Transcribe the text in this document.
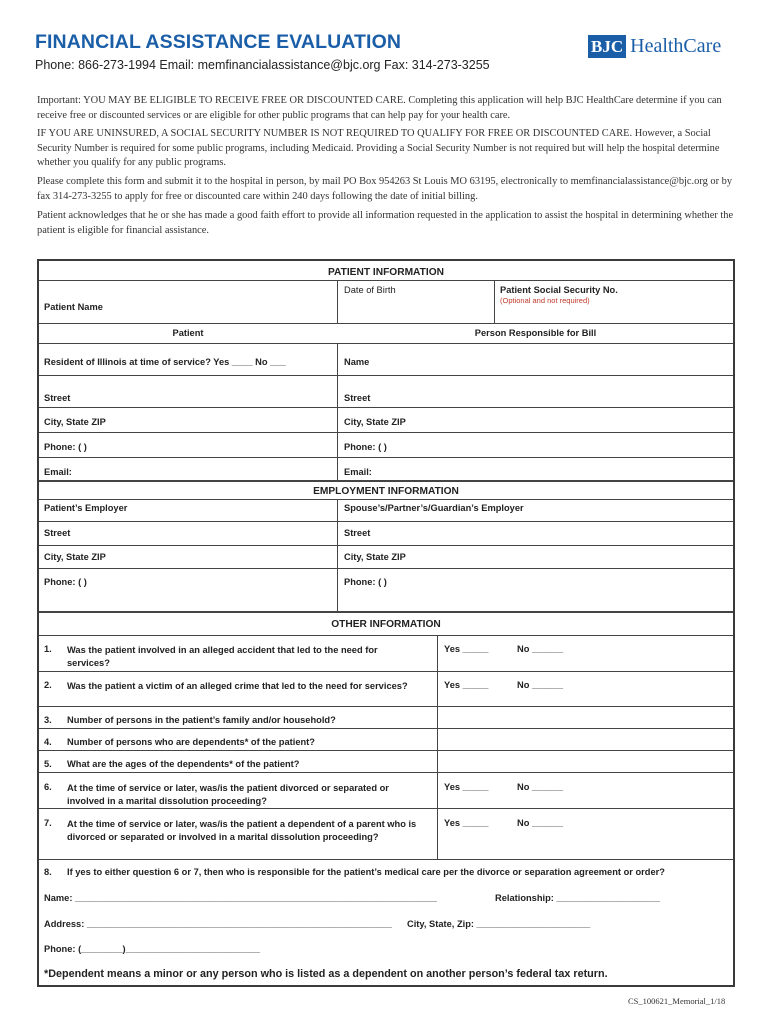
FINANCIAL ASSISTANCE EVALUATION
Phone: 866-273-1994 Email: memfinancialassistance@bjc.org Fax: 314-273-3255
BJC HealthCare
Important: YOU MAY BE ELIGIBLE TO RECEIVE FREE OR DISCOUNTED CARE. Completing this application will help BJC HealthCare determine if you can receive free or discounted services or are eligible for other public programs that can help pay for your health care.
IF YOU ARE UNINSURED, A SOCIAL SECURITY NUMBER IS NOT REQUIRED TO QUALIFY FOR FREE OR DISCOUNTED CARE. However, a Social Security Number is required for some public programs, including Medicaid. Providing a Social Security Number is not required but will help the hospital determine whether you qualify for any public programs.
Please complete this form and submit it to the hospital in person, by mail PO Box 954263 St Louis MO 63195, electronically to memfinancialassistance@bjc.org or by fax 314-273-3255 to apply for free or discounted care within 240 days following the date of initial billing.
Patient acknowledges that he or she has made a good faith effort to provide all information requested in the application to assist the hospital in determining whether the patient is eligible for financial assistance.
PATIENT INFORMATION
Patient Name
Date of Birth	Patient Social Security No.
(Optional and not required)
Patient	Person Responsible for Bill
Resident of Illinois at time of service? Yes ____ No ___	Name
Street	Street
City, State ZIP	City, State ZIP
Phone: ( )	Phone: ( )
Email:	Email:
EMPLOYMENT INFORMATION
Patient’s Employer	Spouse’s/Partner’s/Guardian’s Employer
Street	Street
City, State ZIP	City, State ZIP
Phone: ( )	Phone: ( )
OTHER INFORMATION
1. Was the patient involved in an alleged accident that led to the need for services?
Yes _____	No ______
2. Was the patient a victim of an alleged crime that led to the need for services?	Yes _____	No ______
3. Number of persons in the patient’s family and/or household?
4. Number of persons who are dependents* of the patient?
5. What are the ages of the dependents* of the patient?
6. At the time of service or later, was/is the patient divorced or separated or involved in a marital dissolution proceeding?
Yes _____	No ______
7. At the time of service or later, was/is the patient a dependent of a parent who is divorced or separated or involved in a marital dissolution proceeding?
Yes _____	No ______
8. If yes to either question 6 or 7, then who is responsible for the patient’s medical care per the divorce or separation agreement or order?
Name: ______________________________________________________________________	Relationship: ____________________
Address: ___________________________________________________________ City, State, Zip: ______________________
Phone: (________)__________________________
*Dependent means a minor or any person who is listed as a dependent on another person’s federal tax return.
CS_100621_Memorial_1/18
